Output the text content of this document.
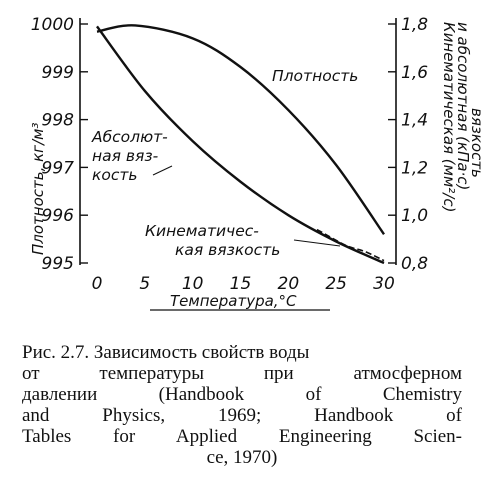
995
996
997
998
999
1000
0,8
1,0
1,2
1,4
1,6
1,8
0 5 10 15 20 25 30
Плотность, кг/м³	Кинематическая (мм²/с)
и абсолютная (кПа·с)
вязкость
Плотность
Абсолют-
ная вяз-
кость
Кинематичес-
кая вязкость
Температура,°С

Рис. 2.7. Зависимость свойств воды
от температуры при атмосферном
давлении (Handbook of Chemistry
and Physics, 1969; Handbook of
Tables for Applied Engineering Scien-
ce, 1970)
